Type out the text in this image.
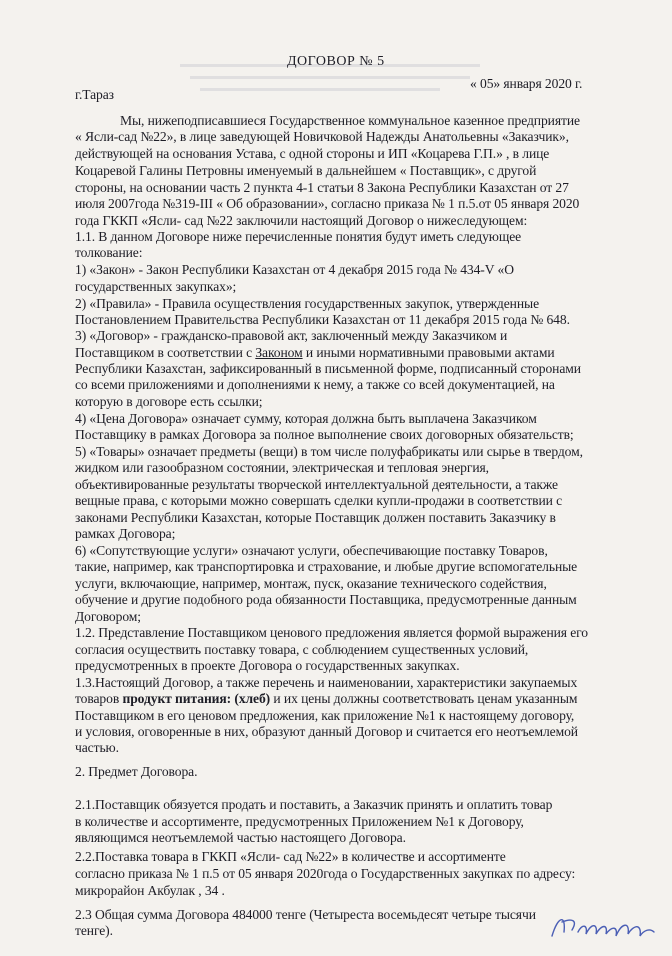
ДОГОВОР № 5
г.Тараз
« 05» января 2020 г.
Мы, нижеподписавшиеся Государственное коммунальное казенное предприятие
« Ясли-сад №22», в лице заведующей Новичковой Надежды Анатольевны «Заказчик»,
действующей на основания Устава, с одной стороны и ИП «Коцарева Г.П.» , в лице
Коцаревой Галины Петровны именуемый в дальнейшем « Поставщик», с другой
стороны, на основании часть 2 пункта 4-1 статьи 8 Закона Республики Казахстан от 27
июля 2007года №319-III « Об образовании», согласно приказа № 1 п.5.от 05 января 2020
года ГККП «Ясли- сад №22 заключили настоящий Договор о нижеследующем:
1.1. В данном Договоре ниже перечисленные понятия будут иметь следующее
толкование:
1) «Закон» - Закон Республики Казахстан от 4 декабря 2015 года № 434-V «О
государственных закупках»;
2) «Правила» - Правила осуществления государственных закупок, утвержденные
Постановлением Правительства Республики Казахстан от 11 декабря 2015 года № 648.
3) «Договор» - гражданско-правовой акт, заключенный между Заказчиком и
Поставщиком в соответствии с Законом и иными нормативными правовыми актами
Республики Казахстан, зафиксированный в письменной форме, подписанный сторонами
со всеми приложениями и дополнениями к нему, а также со всей документацией, на
которую в договоре есть ссылки;
4) «Цена Договора» означает сумму, которая должна быть выплачена Заказчиком
Поставщику в рамках Договора за полное выполнение своих договорных обязательств;
5) «Товары» означает предметы (вещи) в том числе полуфабрикаты или сырье в твердом,
жидком или газообразном состоянии, электрическая и тепловая энергия,
объективированные результаты творческой интеллектуальной деятельности, а также
вещные права, с которыми можно совершать сделки купли-продажи в соответствии с
законами Республики Казахстан, которые Поставщик должен поставить Заказчику в
рамках Договора;
6) «Сопутствующие услуги» означают услуги, обеспечивающие поставку Товаров,
такие, например, как транспортировка и страхование, и любые другие вспомогательные
услуги, включающие, например, монтаж, пуск, оказание технического содействия,
обучение и другие подобного рода обязанности Поставщика, предусмотренные данным
Договором;
1.2. Представление Поставщиком ценового предложения является формой выражения его
согласия осуществить поставку товара, с соблюдением существенных условий,
предусмотренных в проекте Договора о государственных закупках.
1.3.Настоящий Договор, а также перечень и наименовании, характеристики закупаемых
товаров продукт питания: (хлеб) и их цены должны соответствовать ценам указанным
Поставщиком в его ценовом предложения, как приложение №1 к настоящему договору,
и условия, оговоренные в них, образуют данный Договор и считается его неотъемлемой
частью.
2. Предмет Договора.
2.1.Поставщик обязуется продать и поставить, а Заказчик принять и оплатить товар
в количестве и ассортименте, предусмотренных Приложением №1 к Договору,
являющимся неотъемлемой частью настоящего Договора.
2.2.Поставка товара в ГККП «Ясли- сад №22» в количестве и ассортименте
согласно приказа № 1 п.5 от 05 января 2020года о Государственных закупках по адресу:
микрорайон Акбулак , 34 .
2.3 Общая сумма Договора 484000 тенге (Четыреста восемьдесят четыре тысячи
тенге).
